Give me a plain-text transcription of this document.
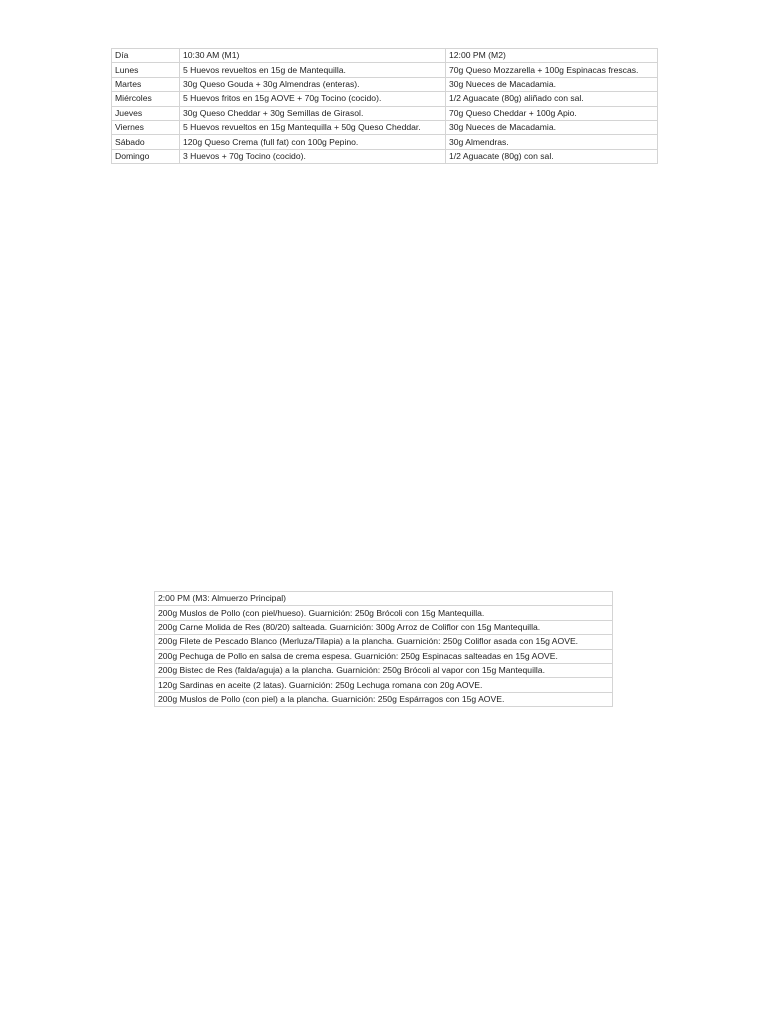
Día	10:30 AM (M1)	12:00 PM (M2)
Lunes	5 Huevos revueltos en 15g de Mantequilla.	70g Queso Mozzarella + 100g Espinacas frescas.
Martes	30g Queso Gouda + 30g Almendras (enteras).	30g Nueces de Macadamia.
Miércoles	5 Huevos fritos en 15g AOVE + 70g Tocino (cocido).	1/2 Aguacate (80g) aliñado con sal.
Jueves	30g Queso Cheddar + 30g Semillas de Girasol.	70g Queso Cheddar + 100g Apio.
Viernes	5 Huevos revueltos en 15g Mantequilla + 50g Queso Cheddar.	30g Nueces de Macadamia.
Sábado	120g Queso Crema (full fat) con 100g Pepino.	30g Almendras.
Domingo	3 Huevos + 70g Tocino (cocido).	1/2 Aguacate (80g) con sal.
2:00 PM (M3: Almuerzo Principal)
200g Muslos de Pollo (con piel/hueso). Guarnición: 250g Brócoli con 15g Mantequilla.
200g Carne Molida de Res (80/20) salteada. Guarnición: 300g Arroz de Coliflor con 15g Mantequilla.
200g Filete de Pescado Blanco (Merluza/Tilapia) a la plancha. Guarnición: 250g Coliflor asada con 15g AOVE.
200g Pechuga de Pollo en salsa de crema espesa. Guarnición: 250g Espinacas salteadas en 15g AOVE.
200g Bistec de Res (falda/aguja) a la plancha. Guarnición: 250g Brócoli al vapor con 15g Mantequilla.
120g Sardinas en aceite (2 latas). Guarnición: 250g Lechuga romana con 20g AOVE.
200g Muslos de Pollo (con piel) a la plancha. Guarnición: 250g Espárragos con 15g AOVE.
